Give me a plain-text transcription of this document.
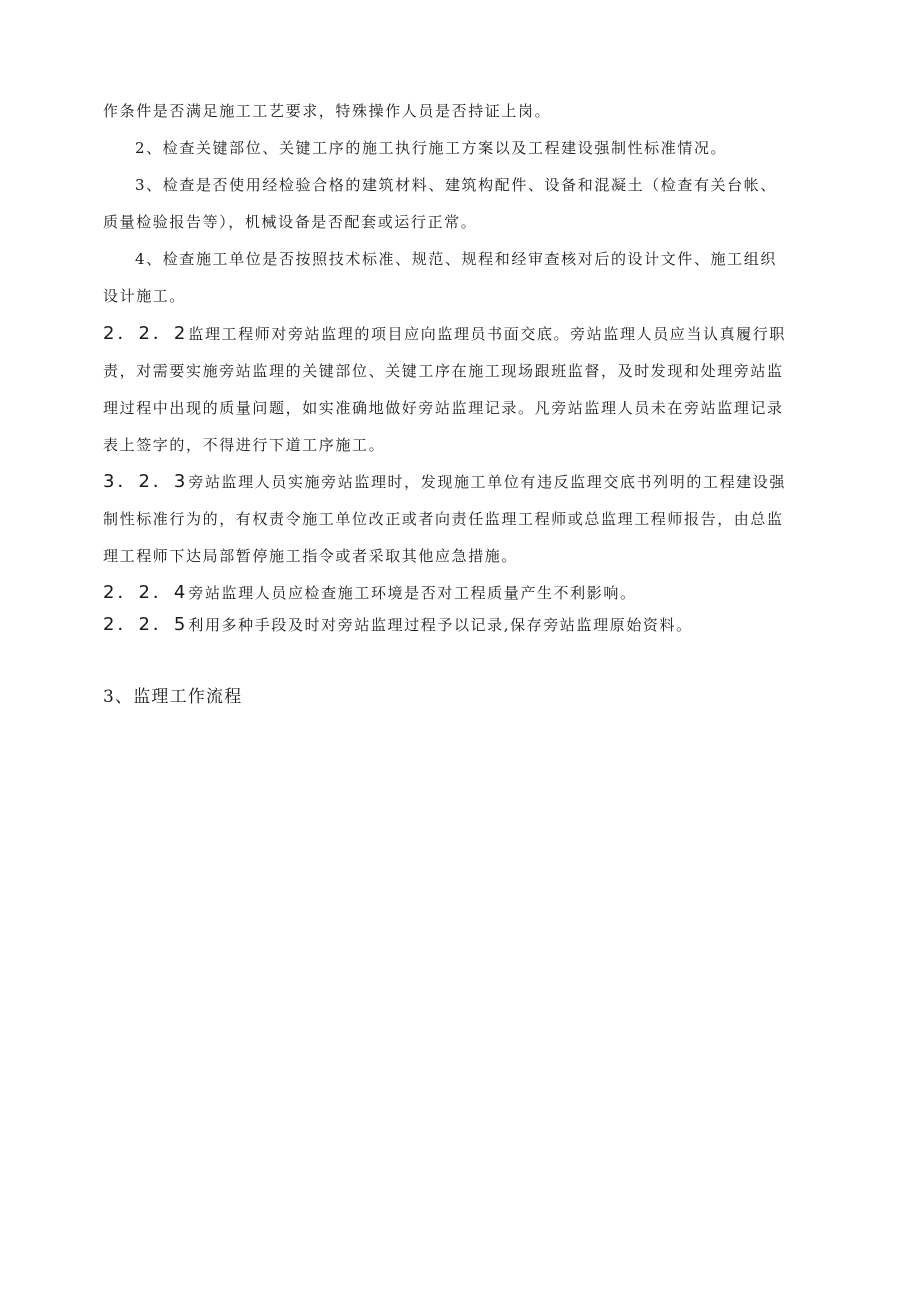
作条件是否满足施工工艺要求，特殊操作人员是否持证上岗。
2、检查关键部位、关键工序的施工执行施工方案以及工程建设强制性标准情况。
3、检查是否使用经检验合格的建筑材料、建筑构配件、设备和混凝土（检查有关台帐、质量检验报告等），机械设备是否配套或运行正常。
4、检查施工单位是否按照技术标准、规范、规程和经审查核对后的设计文件、施工组织设计施工。
2．2．2监理工程师对旁站监理的项目应向监理员书面交底。旁站监理人员应当认真履行职责，对需要实施旁站监理的关键部位、关键工序在施工现场跟班监督，及时发现和处理旁站监理过程中出现的质量问题，如实准确地做好旁站监理记录。凡旁站监理人员未在旁站监理记录表上签字的，不得进行下道工序施工。
3．2．3旁站监理人员实施旁站监理时，发现施工单位有违反监理交底书列明的工程建设强制性标准行为的，有权责令施工单位改正或者向责任监理工程师或总监理工程师报告，由总监理工程师下达局部暂停施工指令或者采取其他应急措施。
2．2．4旁站监理人员应检查施工环境是否对工程质量产生不利影响。
2．2．5利用多种手段及时对旁站监理过程予以记录,保存旁站监理原始资料。
3、监理工作流程
